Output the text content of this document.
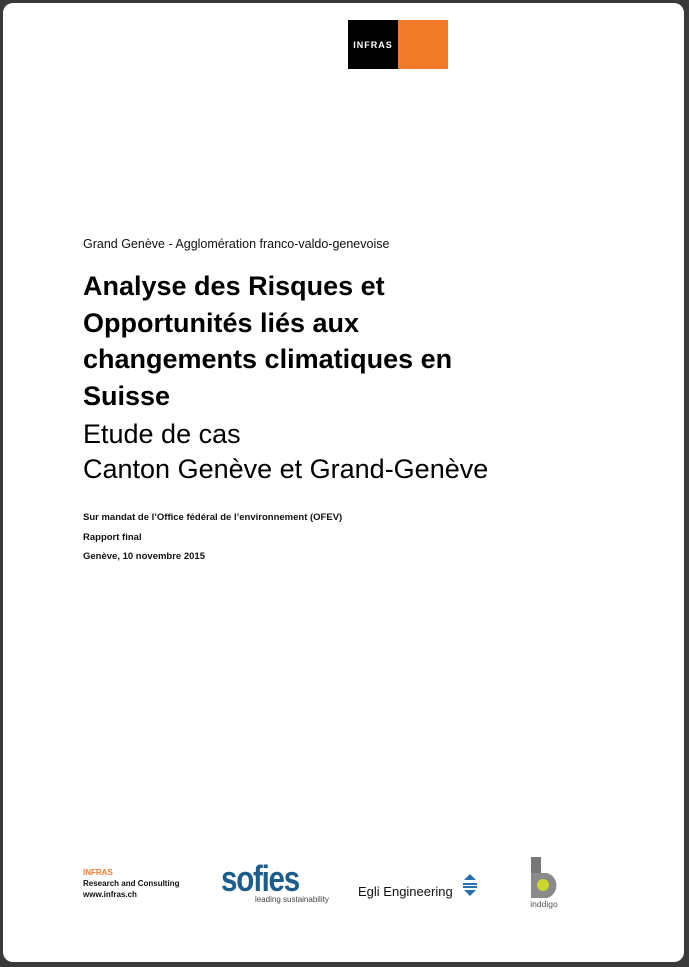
INFRAS
Grand Genève - Agglomération franco-valdo-genevoise
Analyse des Risques et
Opportunités liés aux
changements climatiques en
Suisse
Etude de cas
Canton Genève et Grand-Genève
Sur mandat de l’Office fédéral de l’environnement (OFEV)
Rapport final
Genève, 10 novembre 2015
INFRAS
Research and Consulting
www.infras.ch	sofies
leading sustainability
Egli Engineering
inddigo
